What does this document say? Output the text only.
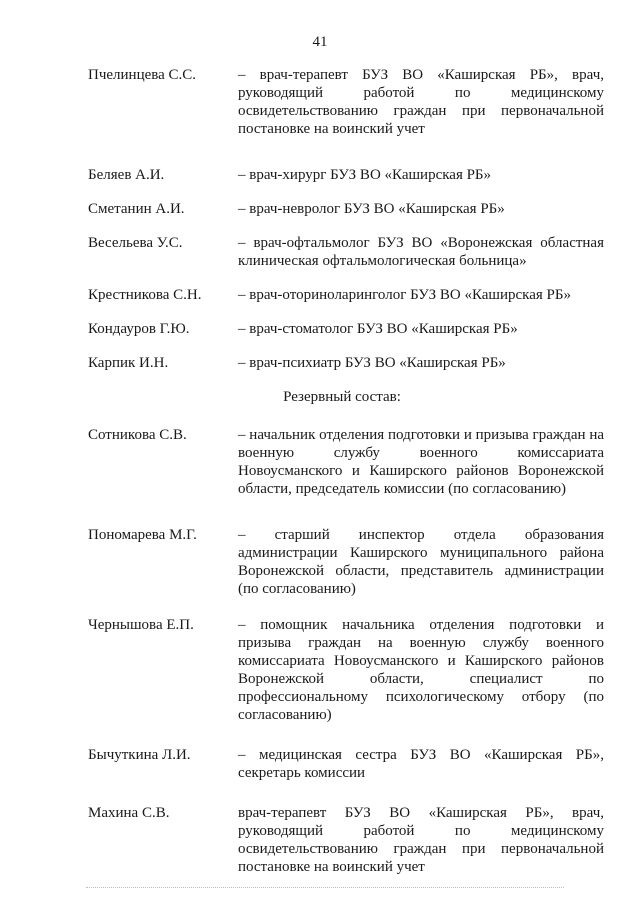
41
Пчелинцева С.С.	– врач-терапевт БУЗ ВО «Каширская РБ», врач, руководящий работой по медицинскому освидетельствованию граждан при первоначальной постановке на воинский учет
Беляев А.И.	– врач-хирург БУЗ ВО «Каширская РБ»
Сметанин А.И.	– врач-невролог БУЗ ВО «Каширская РБ»
Весельева У.С.	– врач-офтальмолог БУЗ ВО «Воронежская областная клиническая офтальмологическая больница»
Крестникова С.Н. – врач-оториноларинголог БУЗ ВО «Каширская РБ»
Кондауров Г.Ю.	– врач-стоматолог БУЗ ВО «Каширская РБ»
Карпик И.Н.	– врач-психиатр БУЗ ВО «Каширская РБ»
Резервный состав:
Сотникова С.В.	– начальник отделения подготовки и призыва граждан на военную службу военного комиссариата Новоусманского и Каширского районов Воронежской области, председатель комиссии (по согласованию)
Пономарева М.Г.	– старший инспектор отдела образования администрации Каширского муниципального района Воронежской области, представитель администрации (по согласованию)
Чернышова Е.П.	– помощник начальника отделения подготовки и призыва граждан на военную службу военного комиссариата Новоусманского и Каширского районов Воронежской области, специалист по профессиональному психологическому отбору (по согласованию)
Бычуткина Л.И.	– медицинская сестра БУЗ ВО «Каширская РБ», секретарь комиссии
Махина С.В.	врач-терапевт БУЗ ВО «Каширская РБ», врач, руководящий работой по медицинскому освидетельствованию граждан при первоначальной постановке на воинский учет
